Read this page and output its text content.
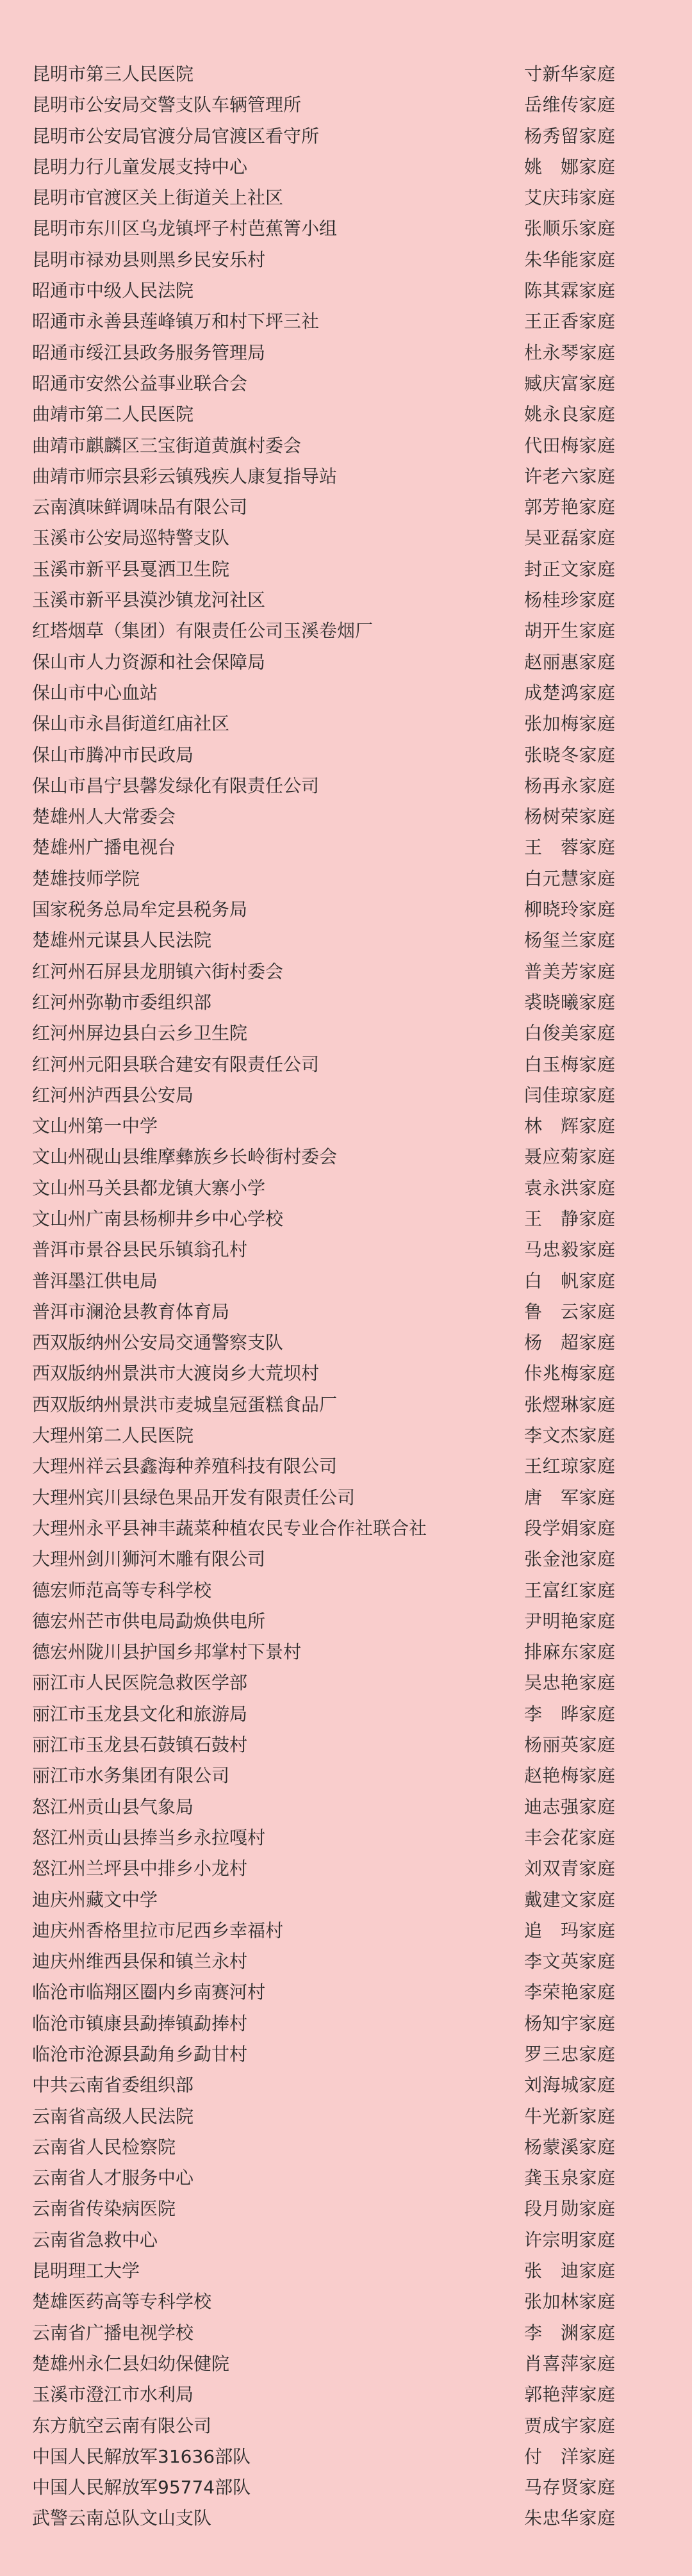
昆明市第三人民医院	寸新华家庭
昆明市公安局交警支队车辆管理所	岳维传家庭
昆明市公安局官渡分局官渡区看守所	杨秀留家庭
昆明力行儿童发展支持中心	姚　娜家庭
昆明市官渡区关上街道关上社区	艾庆玮家庭
昆明市东川区乌龙镇坪子村芭蕉箐小组	张顺乐家庭
昆明市禄劝县则黑乡民安乐村	朱华能家庭
昭通市中级人民法院	陈其霖家庭
昭通市永善县莲峰镇万和村下坪三社	王正香家庭
昭通市绥江县政务服务管理局	杜永琴家庭
昭通市安然公益事业联合会	臧庆富家庭
曲靖市第二人民医院	姚永良家庭
曲靖市麒麟区三宝街道黄旗村委会	代田梅家庭
曲靖市师宗县彩云镇残疾人康复指导站	许老六家庭
云南滇味鲜调味品有限公司	郭芳艳家庭
玉溪市公安局巡特警支队	吴亚磊家庭
玉溪市新平县戛洒卫生院	封正文家庭
玉溪市新平县漠沙镇龙河社区	杨桂珍家庭
红塔烟草（集团）有限责任公司玉溪卷烟厂	胡开生家庭
保山市人力资源和社会保障局	赵丽惠家庭
保山市中心血站	成楚鸿家庭
保山市永昌街道红庙社区	张加梅家庭
保山市腾冲市民政局	张晓冬家庭
保山市昌宁县馨发绿化有限责任公司	杨再永家庭
楚雄州人大常委会	杨树荣家庭
楚雄州广播电视台	王　蓉家庭
楚雄技师学院	白元慧家庭
国家税务总局牟定县税务局	柳晓玲家庭
楚雄州元谋县人民法院	杨玺兰家庭
红河州石屏县龙朋镇六街村委会	普美芳家庭
红河州弥勒市委组织部	裘晓曦家庭
红河州屏边县白云乡卫生院	白俊美家庭
红河州元阳县联合建安有限责任公司	白玉梅家庭
红河州泸西县公安局	闫佳琼家庭
文山州第一中学	林　辉家庭
文山州砚山县维摩彝族乡长岭街村委会	聂应菊家庭
文山州马关县都龙镇大寨小学	袁永洪家庭
文山州广南县杨柳井乡中心学校	王　静家庭
普洱市景谷县民乐镇翁孔村	马忠毅家庭
普洱墨江供电局	白　帆家庭
普洱市澜沧县教育体育局	鲁　云家庭
西双版纳州公安局交通警察支队	杨　超家庭
西双版纳州景洪市大渡岗乡大荒坝村	佧兆梅家庭
西双版纳州景洪市麦城皇冠蛋糕食品厂	张熤琳家庭
大理州第二人民医院	李文杰家庭
大理州祥云县鑫海种养殖科技有限公司	王红琼家庭
大理州宾川县绿色果品开发有限责任公司	唐　军家庭
大理州永平县神丰蔬菜种植农民专业合作社联合社	段学娟家庭
大理州剑川狮河木雕有限公司	张金池家庭
德宏师范高等专科学校	王富红家庭
德宏州芒市供电局勐焕供电所	尹明艳家庭
德宏州陇川县护国乡邦掌村下景村	排麻东家庭
丽江市人民医院急救医学部	吴忠艳家庭
丽江市玉龙县文化和旅游局	李　晔家庭
丽江市玉龙县石鼓镇石鼓村	杨丽英家庭
丽江市水务集团有限公司	赵艳梅家庭
怒江州贡山县气象局	迪志强家庭
怒江州贡山县捧当乡永拉嘎村	丰会花家庭
怒江州兰坪县中排乡小龙村	刘双青家庭
迪庆州藏文中学	戴建文家庭
迪庆州香格里拉市尼西乡幸福村	追　玛家庭
迪庆州维西县保和镇兰永村	李文英家庭
临沧市临翔区圈内乡南赛河村	李荣艳家庭
临沧市镇康县勐捧镇勐捧村	杨知宇家庭
临沧市沧源县勐角乡勐甘村	罗三忠家庭
中共云南省委组织部	刘海城家庭
云南省高级人民法院	牛光新家庭
云南省人民检察院	杨蒙溪家庭
云南省人才服务中心	龚玉泉家庭
云南省传染病医院	段月勋家庭
云南省急救中心	许宗明家庭
昆明理工大学	张　迪家庭
楚雄医药高等专科学校	张加林家庭
云南省广播电视学校	李　渊家庭
楚雄州永仁县妇幼保健院	肖喜萍家庭
玉溪市澄江市水利局	郭艳萍家庭
东方航空云南有限公司	贾成宇家庭
中国人民解放军31636部队	付　洋家庭
中国人民解放军95774部队	马存贤家庭
武警云南总队文山支队	朱忠华家庭
